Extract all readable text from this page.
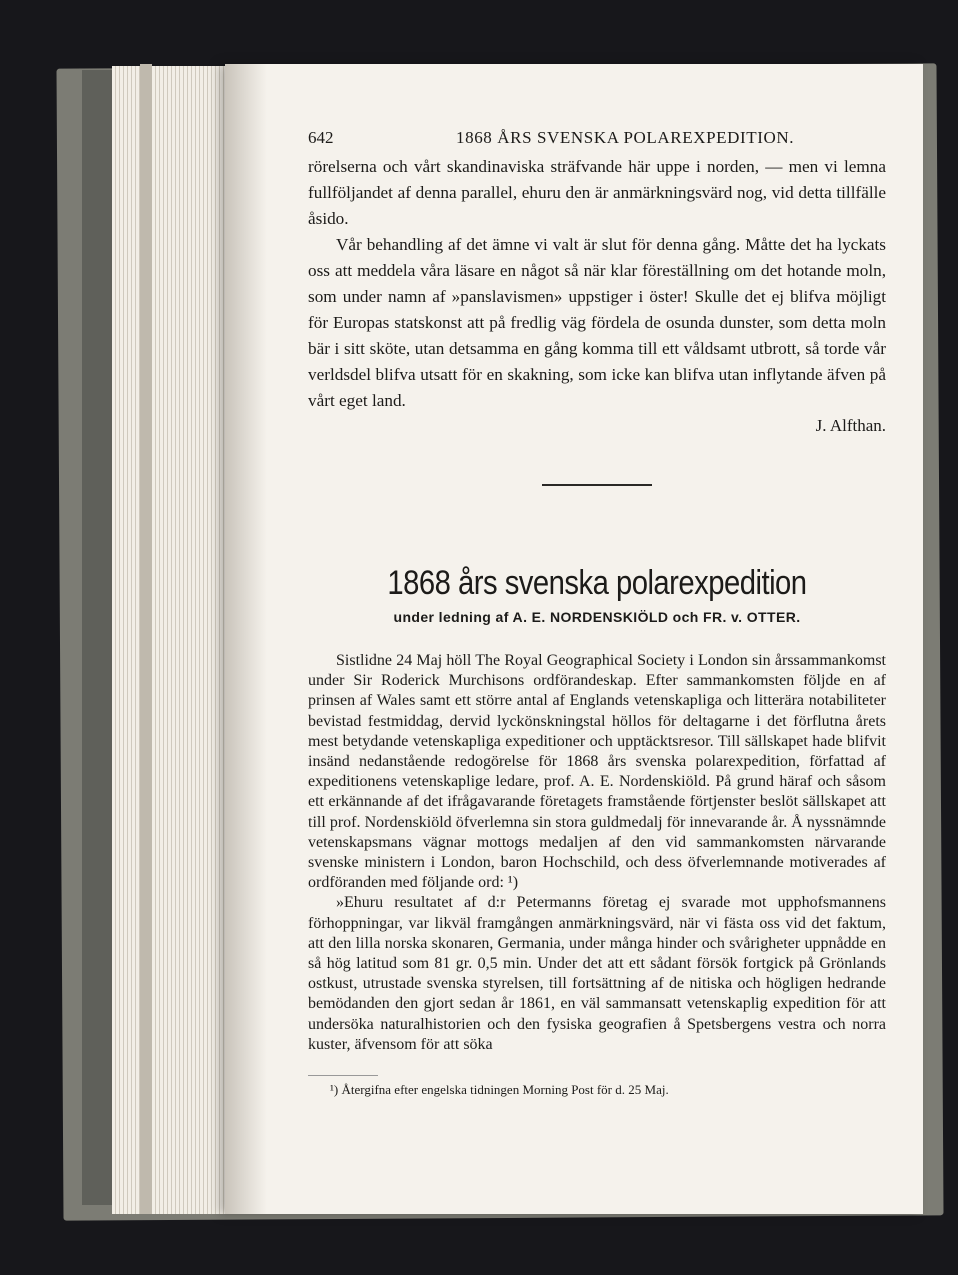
642	1868 ÅRS SVENSKA POLAREXPEDITION.

rörelserna och vårt skandinaviska sträfvande här uppe i norden, — men vi lemna fullföljandet af denna parallel, ehuru den är anmärkningsvärd nog, vid detta tillfälle åsido.

Vår behandling af det ämne vi valt är slut för denna gång. Måtte det ha lyckats oss att meddela våra läsare en något så när klar föreställning om det hotande moln, som under namn af »panslavismen» uppstiger i öster! Skulle det ej blifva möjligt för Europas statskonst att på fredlig väg fördela de osunda dunster, som detta moln bär i sitt sköte, utan detsamma en gång komma till ett våldsamt utbrott, så torde vår verldsdel blifva utsatt för en skakning, som icke kan blifva utan inflytande äfven på vårt eget land.

J. Alfthan.
1868 års svenska polarexpedition
under ledning af A. E. NORDENSKIÖLD och FR. v. OTTER.

Sistlidne 24 Maj höll The Royal Geographical Society i London sin årssammankomst under Sir Roderick Murchisons ordförandeskap. Efter sammankomsten följde en af prinsen af Wales samt ett större antal af Englands vetenskapliga och litterära notabiliteter bevistad festmiddag, dervid lyckönskningstal höllos för deltagarne i det förflutna årets mest betydande vetenskapliga expeditioner och upptäcktsresor. Till sällskapet hade blifvit insänd nedanstående redogörelse för 1868 års svenska polarexpedition, författad af expeditionens vetenskaplige ledare, prof. A. E. Nordenskiöld. På grund häraf och såsom ett erkännande af det ifrågavarande företagets framstående förtjenster beslöt sällskapet att till prof. Nordenskiöld öfverlemna sin stora guldmedalj för innevarande år. Å nyssnämnde vetenskapsmans vägnar mottogs medaljen af den vid sammankomsten närvarande svenske ministern i London, baron Hochschild, och dess öfverlemnande motiverades af ordföranden med följande ord: ¹)

»Ehuru resultatet af d:r Petermanns företag ej svarade mot upphofsmannens förhoppningar, var likväl framgången anmärkningsvärd, när vi fästa oss vid det faktum, att den lilla norska skonaren, Germania, under många hinder och svårigheter uppnådde en så hög latitud som 81 gr. 0,5 min. Under det att ett sådant försök fortgick på Grönlands ostkust, utrustade svenska styrelsen, till fortsättning af de nitiska och högligen hedrande bemödanden den gjort sedan år 1861, en väl sammansatt vetenskaplig expedition för att undersöka naturalhistorien och den fysiska geografien å Spetsbergens vestra och norra kuster, äfvensom för att söka

¹) Återgifna efter engelska tidningen Morning Post för d. 25 Maj.
